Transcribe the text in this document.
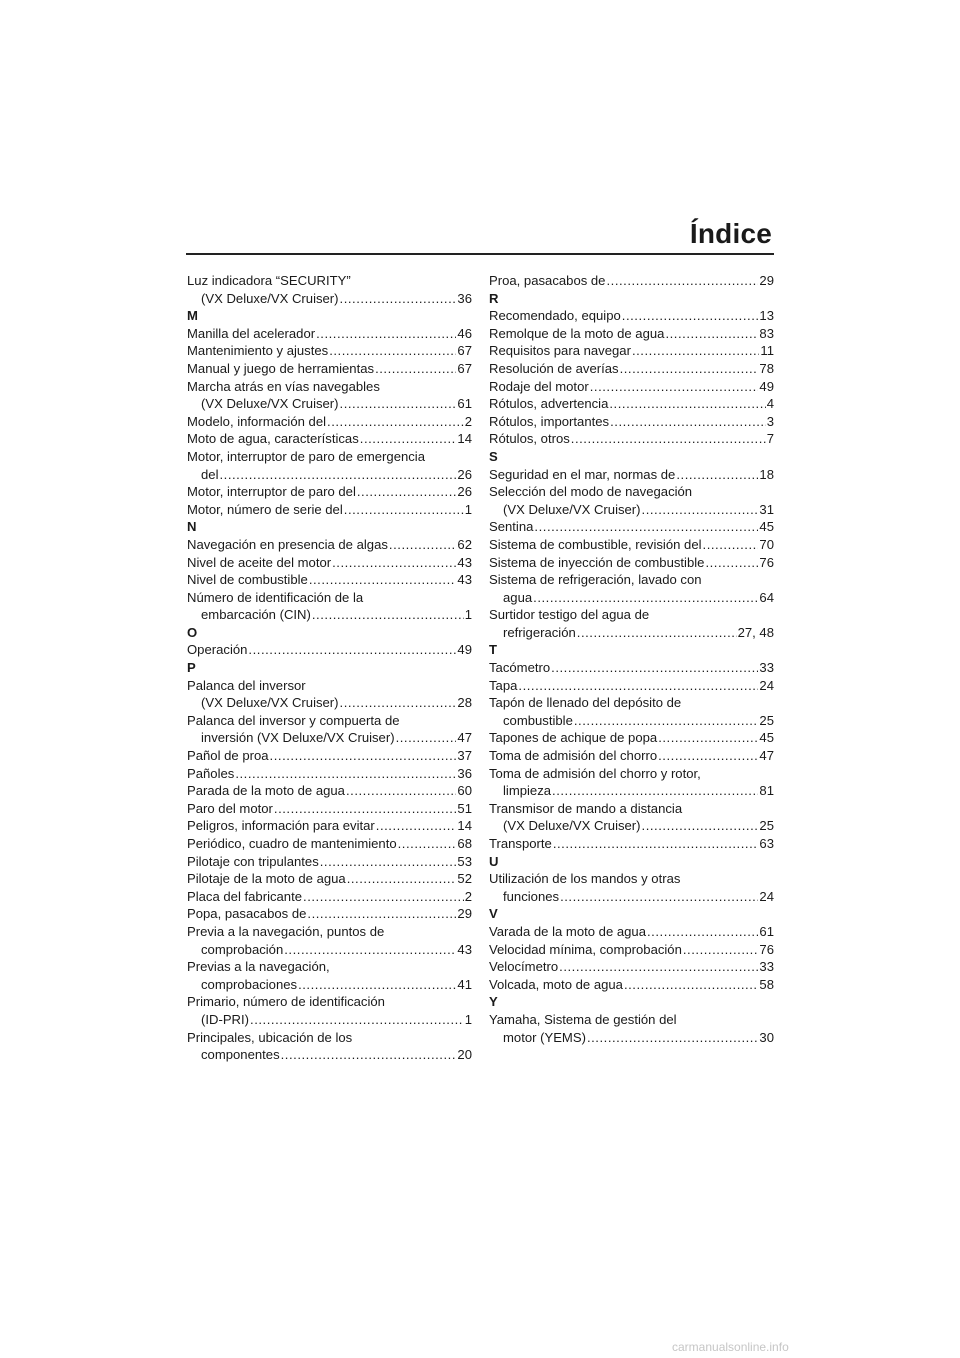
Índice
Luz indicadora “SECURITY”
(VX Deluxe/VX Cruiser) . . .	36
M
Manilla del acelerador . . .	46
Mantenimiento y ajustes . . .	67
Manual y juego de herramientas . . .	67
Marcha atrás en vías navegables
(VX Deluxe/VX Cruiser) . . .	61
Modelo, información del . . .	2
Moto de agua, características . . .	14
Motor, interruptor de paro de emergencia
del . . .	26
Motor, interruptor de paro del . . .	26
Motor, número de serie del . . .	1
N
Navegación en presencia de algas . . .	62
Nivel de aceite del motor . . .	43
Nivel de combustible . . .	43
Número de identificación de la
embarcación (CIN) . . .	1
O
Operación . . .	49
P
Palanca del inversor
(VX Deluxe/VX Cruiser) . . .	28
Palanca del inversor y compuerta de
inversión (VX Deluxe/VX Cruiser) . . .	47
Pañol de proa . . .	37
Pañoles . . .	36
Parada de la moto de agua . . .	60
Paro del motor . . .	51
Peligros, información para evitar . . .	14
Periódico, cuadro de mantenimiento . . .	68
Pilotaje con tripulantes . . .	53
Pilotaje de la moto de agua . . .	52
Placa del fabricante . . .	2
Popa, pasacabos de . . .	29
Previa a la navegación, puntos de
comprobación . . .	43
Previas a la navegación,
comprobaciones . . .	41
Primario, número de identificación
(ID-PRI) . . .	1
Principales, ubicación de los
componentes . . .	20
Proa, pasacabos de . . .	29
R
Recomendado, equipo . . .	13
Remolque de la moto de agua . . .	83
Requisitos para navegar . . .	11
Resolución de averías . . .	78
Rodaje del motor . . .	49
Rótulos, advertencia . . .	4
Rótulos, importantes . . .	3
Rótulos, otros . . .	7
S
Seguridad en el mar, normas de . . .	18
Selección del modo de navegación
(VX Deluxe/VX Cruiser) . . .	31
Sentina . . .	45
Sistema de combustible, revisión del . . .	70
Sistema de inyección de combustible . . .	76
Sistema de refrigeración, lavado con
agua . . .	64
Surtidor testigo del agua de
refrigeración . . .	27, 48
T
Tacómetro . . .	33
Tapa . . .	24
Tapón de llenado del depósito de
combustible . . .	25
Tapones de achique de popa . . .	45
Toma de admisión del chorro . . .	47
Toma de admisión del chorro y rotor,
limpieza . . .	81
Transmisor de mando a distancia
(VX Deluxe/VX Cruiser) . . .	25
Transporte . . .	63
U
Utilización de los mandos y otras
funciones . . .	24
V
Varada de la moto de agua . . .	61
Velocidad mínima, comprobación . . .	76
Velocímetro . . .	33
Volcada, moto de agua . . .	58
Y
Yamaha, Sistema de gestión del
motor (YEMS) . . .	30
carmanualsonline.info
